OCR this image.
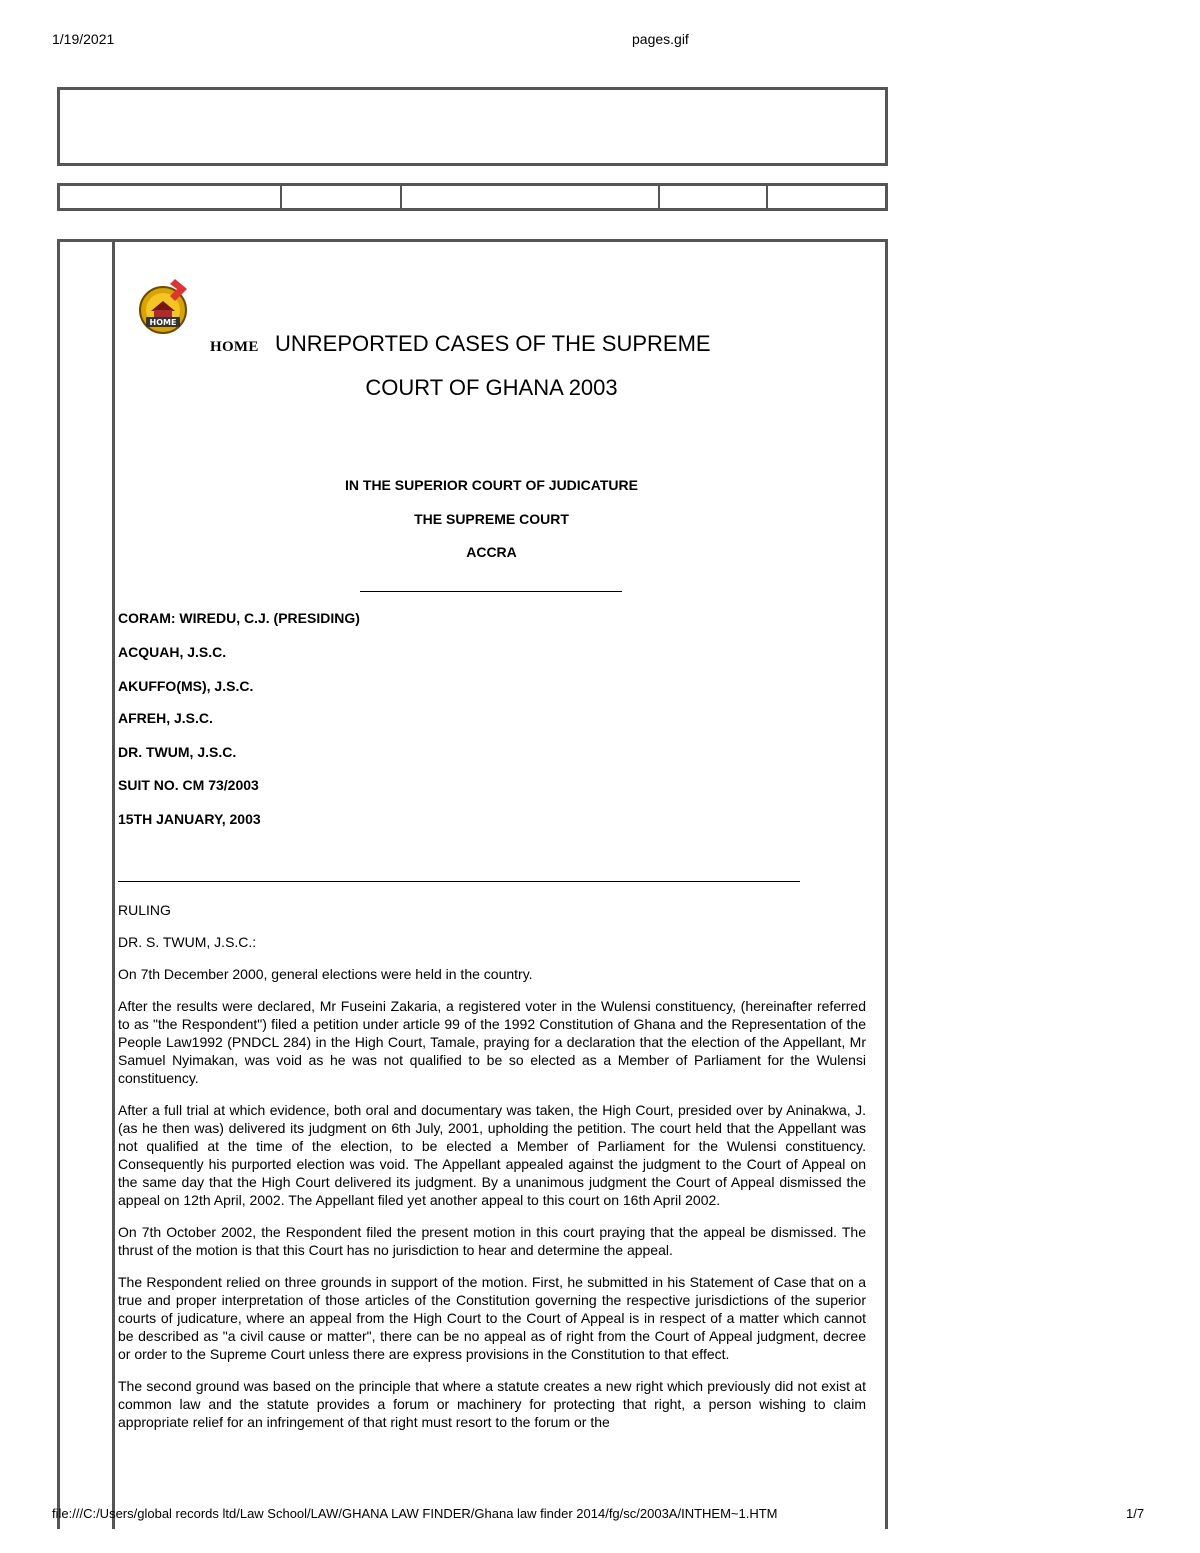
1/19/2021	pages.gif
HOME
HOME UNREPORTED CASES OF THE SUPREME
COURT OF GHANA 2003
IN THE SUPERIOR COURT OF JUDICATURE
THE SUPREME COURT
ACCRA
CORAM: WIREDU, C.J. (PRESIDING)
ACQUAH, J.S.C.
AKUFFO(MS), J.S.C.
AFREH, J.S.C.
DR. TWUM, J.S.C.
SUIT NO. CM 73/2003
15TH JANUARY, 2003

RULING

DR. S. TWUM, J.S.C.:

On 7th December 2000, general elections were held in the country.

After the results were declared, Mr Fuseini Zakaria, a registered voter in the Wulensi constituency, (hereinafter referred to as "the Respondent") filed a petition under article 99 of the 1992 Constitution of Ghana and the Representation of the People Law1992 (PNDCL 284) in the High Court, Tamale, praying for a declaration that the election of the Appellant, Mr Samuel Nyimakan, was void as he was not qualified to be so elected as a Member of Parliament for the Wulensi constituency.

After a full trial at which evidence, both oral and documentary was taken, the High Court, presided over by Aninakwa, J. (as he then was) delivered its judgment on 6th July, 2001, upholding the petition. The court held that the Appellant was not qualified at the time of the election, to be elected a Member of Parliament for the Wulensi constituency. Consequently his purported election was void. The Appellant appealed against the judgment to the Court of Appeal on the same day that the High Court delivered its judgment. By a unanimous judgment the Court of Appeal dismissed the appeal on 12th April, 2002. The Appellant filed yet another appeal to this court on 16th April 2002.

On 7th October 2002, the Respondent filed the present motion in this court praying that the appeal be dismissed. The thrust of the motion is that this Court has no jurisdiction to hear and determine the appeal.

The Respondent relied on three grounds in support of the motion. First, he submitted in his Statement of Case that on a true and proper interpretation of those articles of the Constitution governing the respective jurisdictions of the superior courts of judicature, where an appeal from the High Court to the Court of Appeal is in respect of a matter which cannot be described as "a civil cause or matter", there can be no appeal as of right from the Court of Appeal judgment, decree or order to the Supreme Court unless there are express provisions in the Constitution to that effect.

The second ground was based on the principle that where a statute creates a new right which previously did not exist at common law and the statute provides a forum or machinery for protecting that right, a person wishing to claim appropriate relief for an infringement of that right must resort to the forum or the

file:///C:/Users/global records ltd/Law School/LAW/GHANA LAW FINDER/Ghana law finder 2014/fg/sc/2003A/INTHEM~1.HTM	1/7
